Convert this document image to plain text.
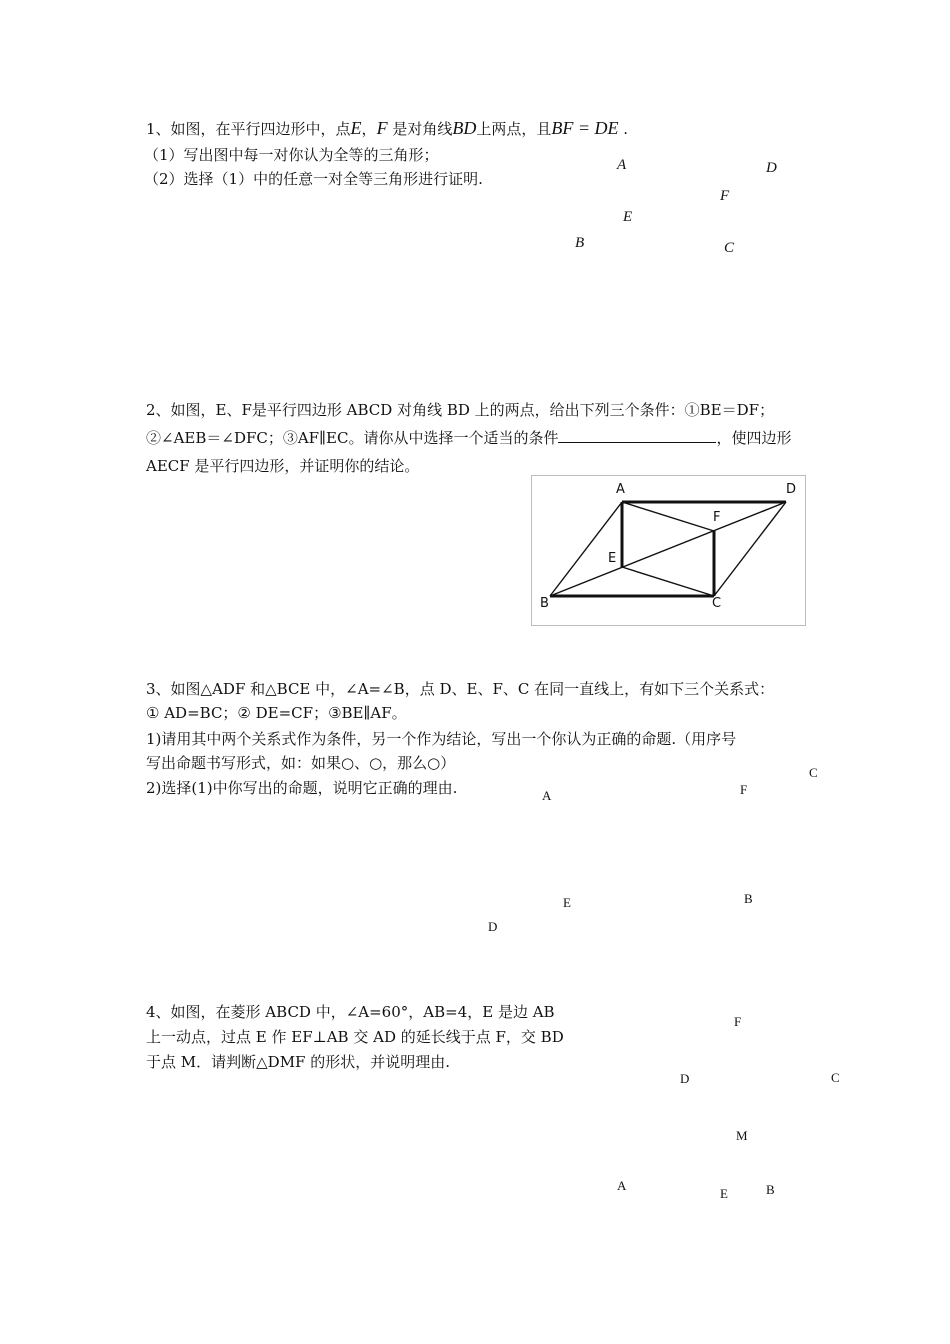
1、如图，在平行四边形中，点E，F 是对角线BD上两点，且BF = DE .
（1）写出图中每一对你认为全等的三角形；
（2）选择（1）中的任意一对全等三角形进行证明.
A	D
F
E
B	C
2、如图，E、F是平行四边形 ABCD 对角线 BD 上的两点，给出下列三个条件：①BE＝DF；②∠AEB＝∠DFC；③AF∥EC。请你从中选择一个适当的条件	，使四边形 AECF 是平行四边形，并证明你的结论。
A	D
F
E
B	C
3、如图△ADF 和△BCE 中，∠A=∠B，点 D、E、F、C 在同一直线上，有如下三个关系式：
① AD=BC；② DE=CF；③BE∥AF。
1)请用其中两个关系式作为条件，另一个作为结论，写出一个你认为正确的命题.（用序号
写出命题书写形式，如：如果○、○，那么○）
2)选择(1)中你写出的命题，说明它正确的理由.
C
A	F
E	B
D
4、如图，在菱形 ABCD 中，∠A=60°，AB=4，E 是边 AB
上一动点，过点 E 作 EF⊥AB 交 AD 的延长线于点 F，交 BD
于点 M．请判断△DMF 的形状，并说明理由.
F
D	C
M
A
E	B
